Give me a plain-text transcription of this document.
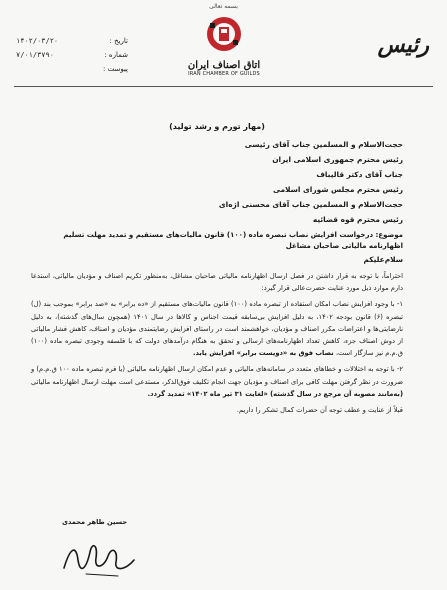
بسمه تعالی
تاریخ :
۱۴۰۲/۰۳/۲۰
شماره :
۷/۰۱/۳۷۹۰
پیوست :	اتاق اصناف ایران
IRAN CHAMBER OF GUILDS
رئیس
(مهار تورم و رشد تولید)
حجت‌الاسلام و المسلمین جناب آقای رئیسی
رئیس محترم جمهوری اسلامی ایران
جناب آقای دکتر قالیباف
رئیس محترم مجلس شورای اسلامی
حجت‌الاسلام و المسلمین جناب آقای محسنی اژه‌ای
رئیس محترم قوه قضائیه
موضوع: درخواست افزایش نصاب تبصره ماده (۱۰۰) قانون مالیات‌های مستقیم و تمدید مهلت تسلیم اظهارنامه مالیاتی صاحبان مشاغل
سلام‌علیکم

احتراماً، با توجه به قرار داشتن در فصل ارسال اظهارنامه مالیاتی صاحبان مشاغل، به‌منظور تکریم اصناف و مؤدیان مالیاتی، استدعا دارم موارد ذیل مورد عنایت حضرت‌عالی قرار گیرد:

۱- با وجود افزایش نصاب امکان استفاده از تبصره ماده (۱۰۰) قانون مالیات‌های مستقیم از «ده برابر» به «صد برابر» بموجب بند (ل) تبصره (۶) قانون بودجه ۱۴۰۲، به دلیل افزایش بی‌سابقه قیمت اجناس و کالاها در سال ۱۴۰۱ (همچون سال‌های گذشته)، به دلیل نارضایتی‌ها و اعتراضات مکرر اصناف و مؤدیان، خواهشمند است در راستای افزایش رضایتمندی مؤدیان و اصناف، کاهش فشار مالیاتی از دوش اصناف جزء، کاهش تعداد اظهارنامه‌های ارسالی و تحقق به هنگام درآمدهای دولت که با فلسفه وجودی تبصره ماده (۱۰۰) ق.م.م نیز سازگار است، نصاب فوق به «دویست برابر» افزایش یابد.

۲- با توجه به اختلالات و خطاهای متعدد در سامانه‌های مالیاتی و عدم امکان ارسال اظهارنامه مالیاتی (یا فرم تبصره ماده ۱۰۰ ق.م.م) و ضرورت در نظر گرفتن مهلت کافی برای اصناف و مؤدیان جهت انجام تکلیف فوق‌الذکر، مستدعی است مهلت ارسال اظهارنامه مالیاتی (به‌مانند مصوبه آن مرجع در سال گذشته) «لغایت ۳۱ تیر ماه ۱۴۰۲» تمدید گردد.

قبلاً از عنایت و عطف توجه آن حضرات کمال تشکر را داریم.

حسین طاهر محمدی
